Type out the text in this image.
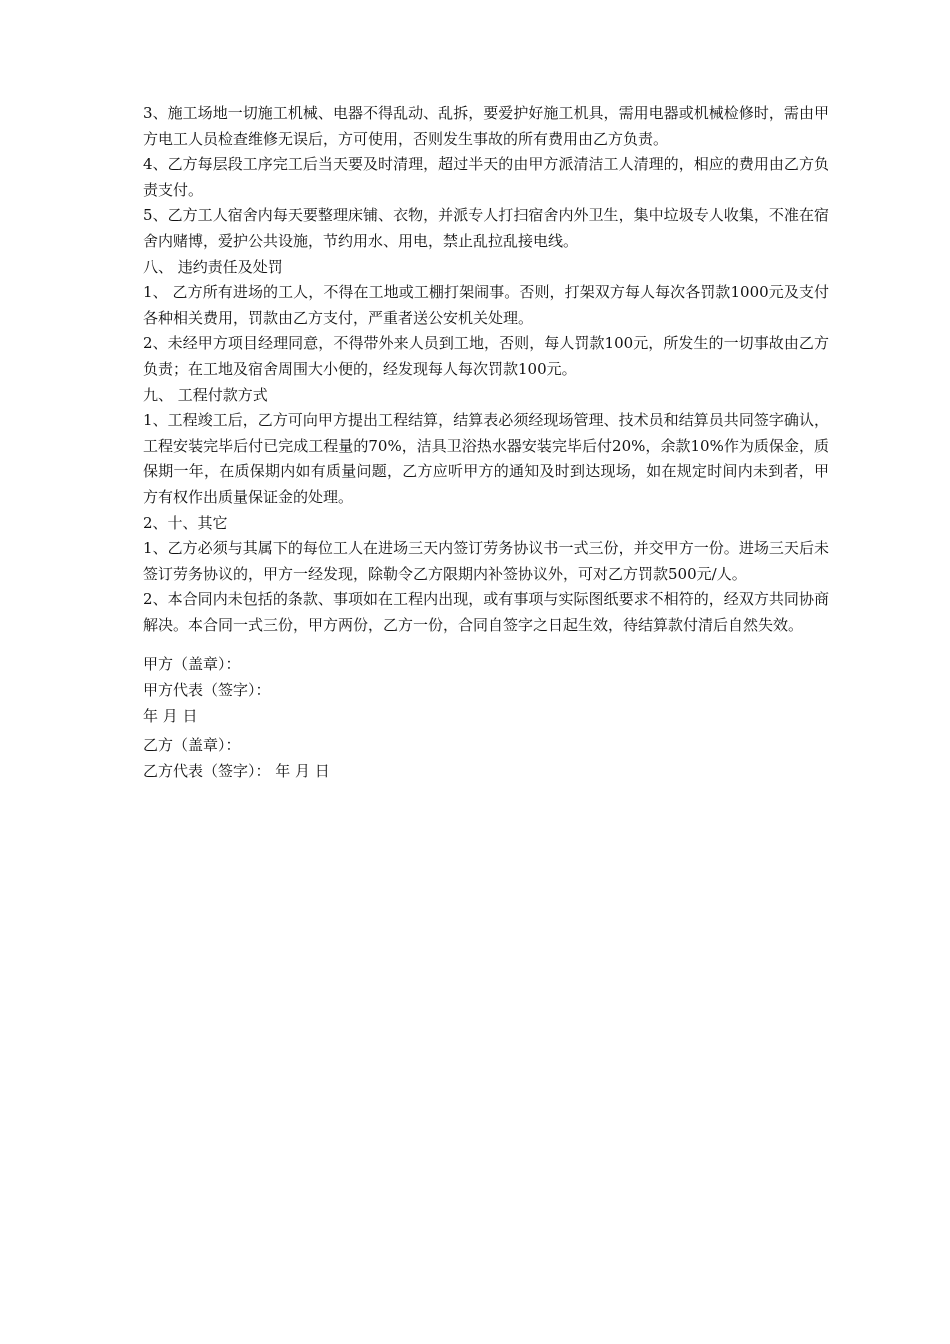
3、施工场地一切施工机械、电器不得乱动、乱拆，要爱护好施工机具，需用电器或机械检修时，需由甲方电工人员检查维修无误后，方可使用，否则发生事故的所有费用由乙方负责。

4、乙方每层段工序完工后当天要及时清理，超过半天的由甲方派清洁工人清理的，相应的费用由乙方负责支付。

5、乙方工人宿舍内每天要整理床铺、衣物，并派专人打扫宿舍内外卫生，集中垃圾专人收集，不准在宿舍内赌博，爱护公共设施，节约用水、用电，禁止乱拉乱接电线。

八、 违约责任及处罚

1、 乙方所有进场的工人，不得在工地或工棚打架闹事。否则，打架双方每人每次各罚款1000元及支付各种相关费用，罚款由乙方支付，严重者送公安机关处理。

2、未经甲方项目经理同意，不得带外来人员到工地，否则，每人罚款100元，所发生的一切事故由乙方负责；在工地及宿舍周围大小便的，经发现每人每次罚款100元。

九、 工程付款方式

1、工程竣工后，乙方可向甲方提出工程结算，结算表必须经现场管理、技术员和结算员共同签字确认，工程安装完毕后付已完成工程量的70%，洁具卫浴热水器安装完毕后付20%，余款10%作为质保金，质保期一年，在质保期内如有质量问题，乙方应听甲方的通知及时到达现场，如在规定时间内未到者，甲方有权作出质量保证金的处理。

2、十、其它

1、乙方必须与其属下的每位工人在进场三天内签订劳务协议书一式三份，并交甲方一份。进场三天后未签订劳务协议的，甲方一经发现，除勒令乙方限期内补签协议外，可对乙方罚款500元/人。

2、本合同内未包括的条款、事项如在工程内出现，或有事项与实际图纸要求不相符的，经双方共同协商解决。本合同一式三份，甲方两份，乙方一份，合同自签字之日起生效，待结算款付清后自然失效。

甲方（盖章）：

甲方代表（签字）：

年 月 日

乙方（盖章）：

乙方代表（签字）： 年 月 日
